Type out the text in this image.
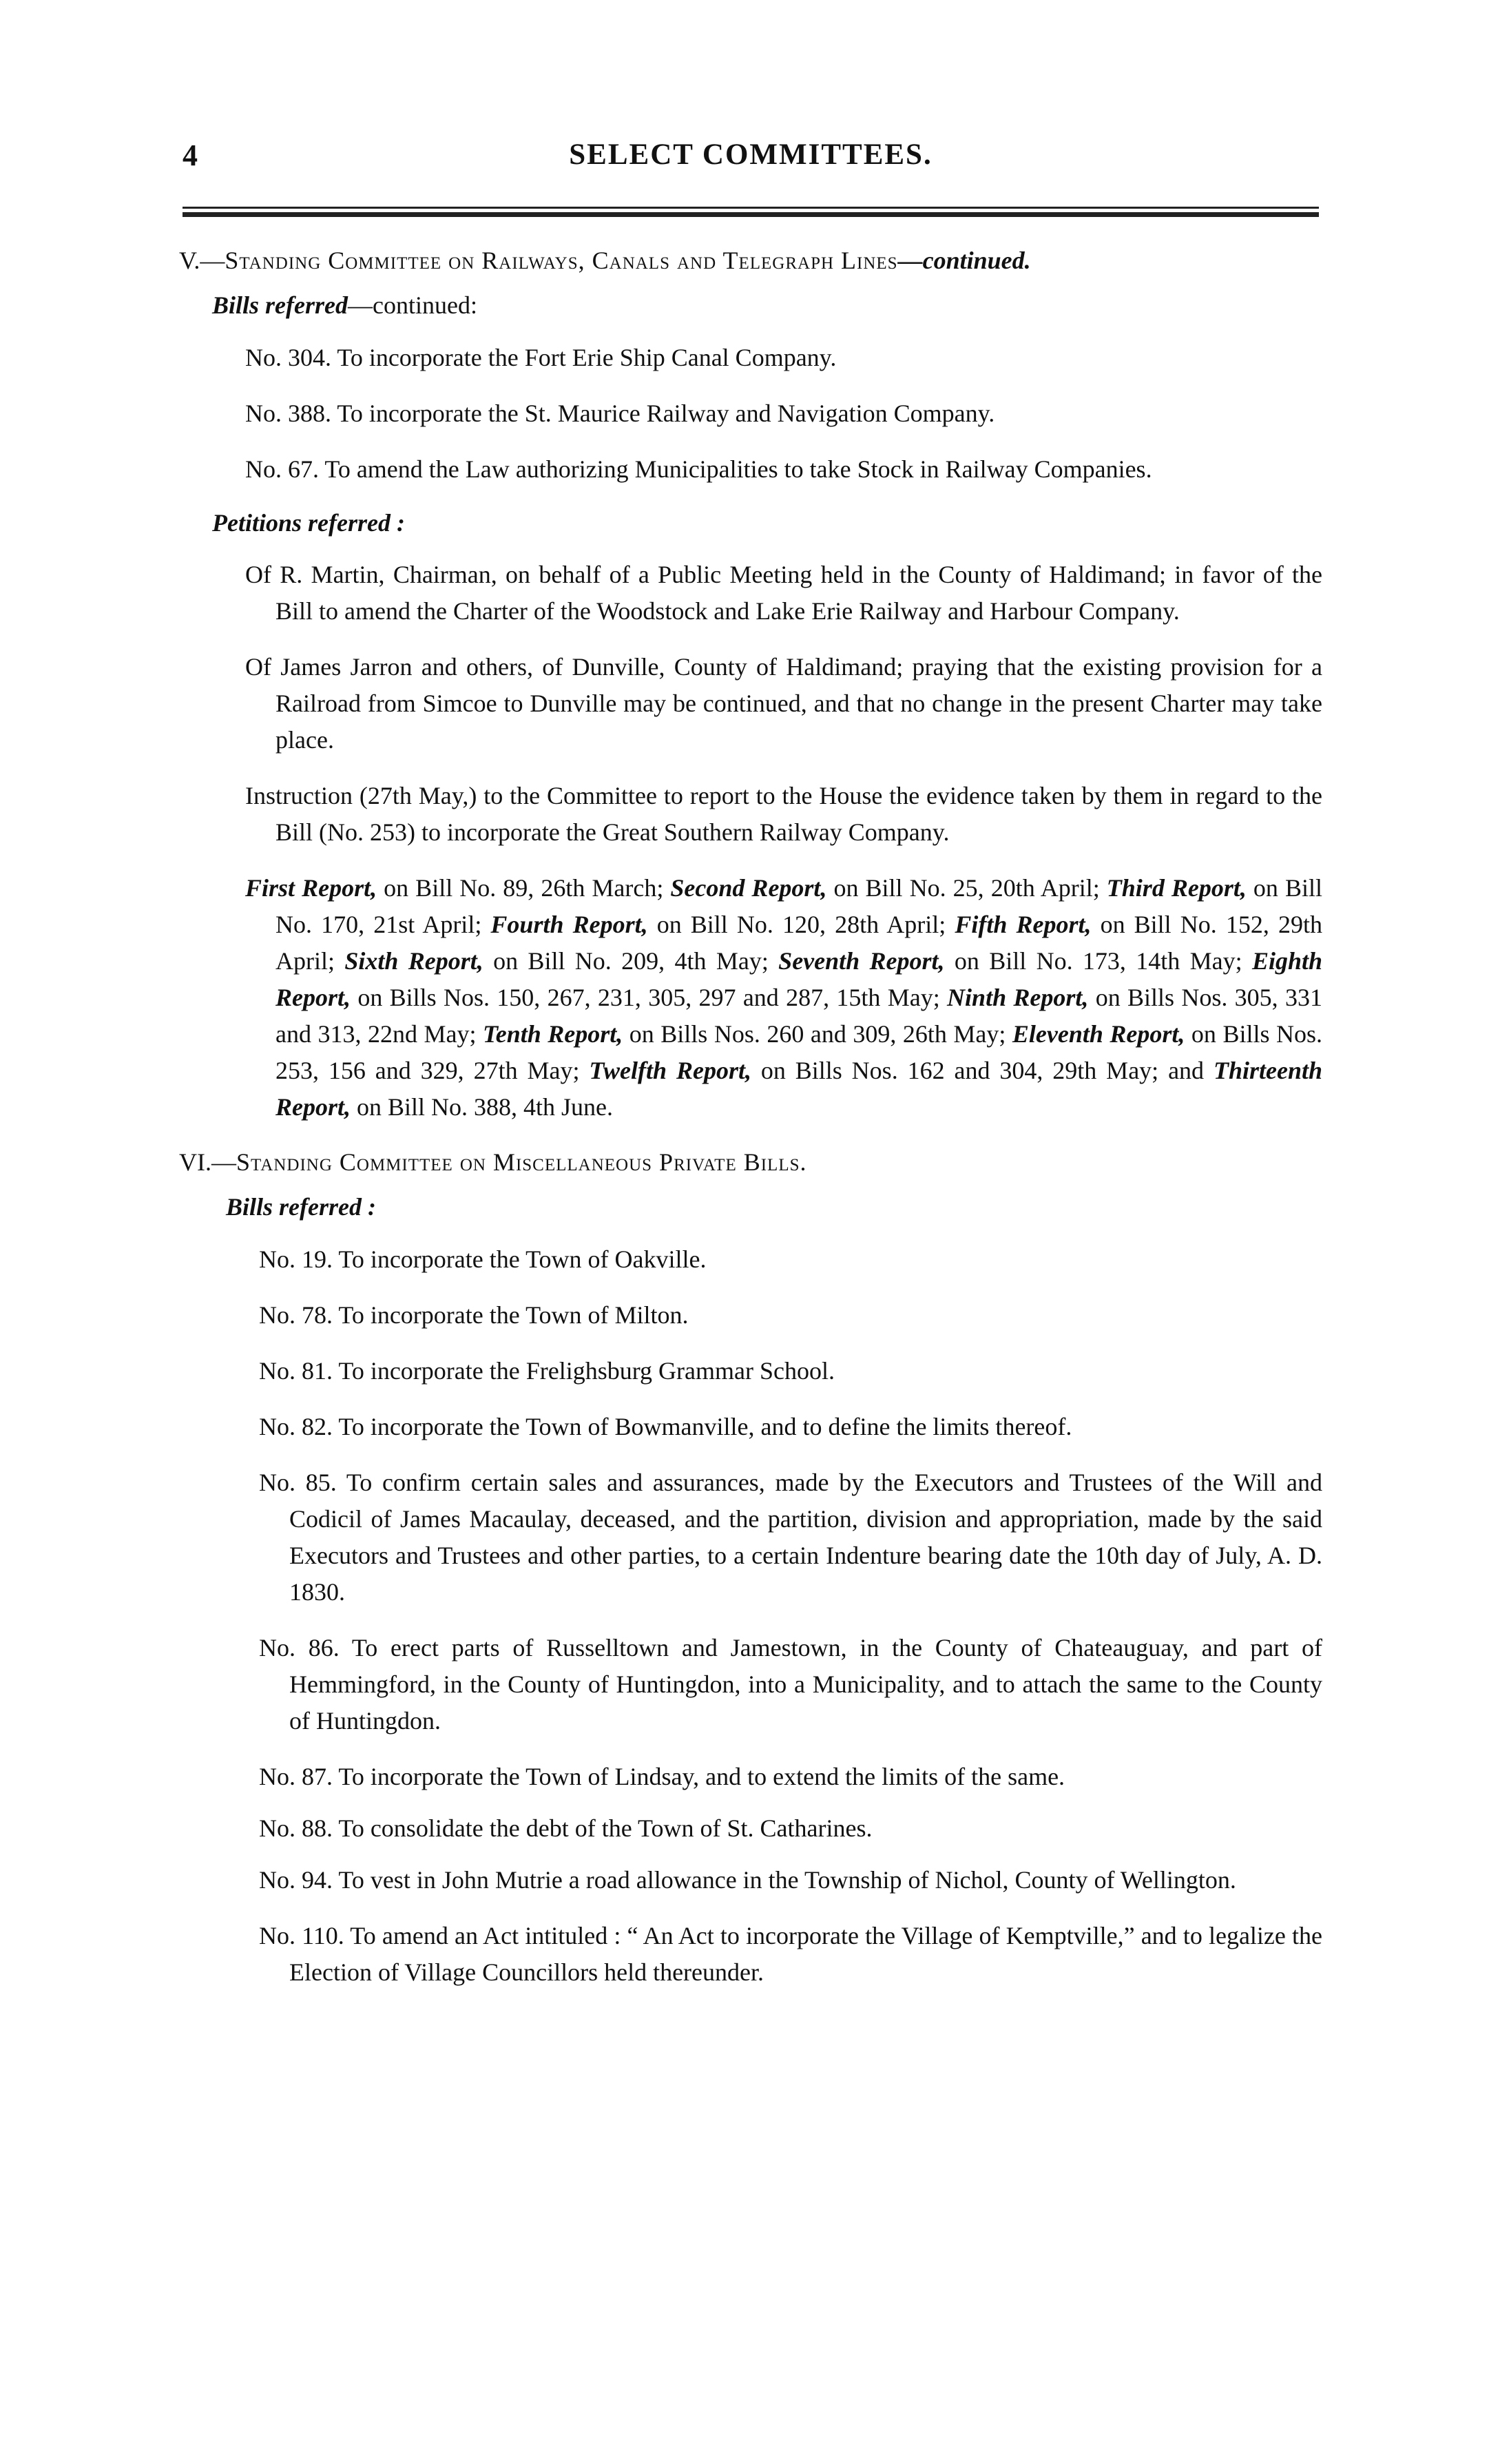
4	SELECT COMMITTEES.
V.—Standing Committee on Railways, Canals and Telegraph Lines—continued.
Bills referred—continued:
No. 304. To incorporate the Fort Erie Ship Canal Company.
No. 388. To incorporate the St. Maurice Railway and Navigation Company.
No. 67. To amend the Law authorizing Municipalities to take Stock in Railway Companies.
Petitions referred :
Of R. Martin, Chairman, on behalf of a Public Meeting held in the County of Haldimand; in favor of the Bill to amend the Charter of the Woodstock and Lake Erie Railway and Harbour Company.
Of James Jarron and others, of Dunville, County of Haldimand; praying that the existing provision for a Railroad from Simcoe to Dunville may be continued, and that no change in the present Charter may take place.
Instruction (27th May,) to the Committee to report to the House the evidence taken by them in regard to the Bill (No. 253) to incorporate the Great Southern Railway Company.
First Report, on Bill No. 89, 26th March; Second Report, on Bill No. 25, 20th April; Third Report, on Bill No. 170, 21st April; Fourth Report, on Bill No. 120, 28th April; Fifth Report, on Bill No. 152, 29th April; Sixth Report, on Bill No. 209, 4th May; Seventh Report, on Bill No. 173, 14th May; Eighth Report, on Bills Nos. 150, 267, 231, 305, 297 and 287, 15th May; Ninth Report, on Bills Nos. 305, 331 and 313, 22nd May; Tenth Report, on Bills Nos. 260 and 309, 26th May; Eleventh Report, on Bills Nos. 253, 156 and 329, 27th May; Twelfth Report, on Bills Nos. 162 and 304, 29th May; and Thirteenth Report, on Bill No. 388, 4th June.
VI.—Standing Committee on Miscellaneous Private Bills.
Bills referred :
No. 19. To incorporate the Town of Oakville.
No. 78. To incorporate the Town of Milton.
No. 81. To incorporate the Frelighsburg Grammar School.
No. 82. To incorporate the Town of Bowmanville, and to define the limits thereof.
No. 85. To confirm certain sales and assurances, made by the Executors and Trustees of the Will and Codicil of James Macaulay, deceased, and the partition, division and appropriation, made by the said Executors and Trustees and other parties, to a certain Indenture bearing date the 10th day of July, A. D. 1830.
No. 86. To erect parts of Russelltown and Jamestown, in the County of Chateauguay, and part of Hemmingford, in the County of Huntingdon, into a Municipality, and to attach the same to the County of Huntingdon.
No. 87. To incorporate the Town of Lindsay, and to extend the limits of the same.
No. 88. To consolidate the debt of the Town of St. Catharines.
No. 94. To vest in John Mutrie a road allowance in the Township of Nichol, County of Wellington.
No. 110. To amend an Act intituled : “ An Act to incorporate the Village of Kemptville,” and to legalize the Election of Village Councillors held thereunder.
